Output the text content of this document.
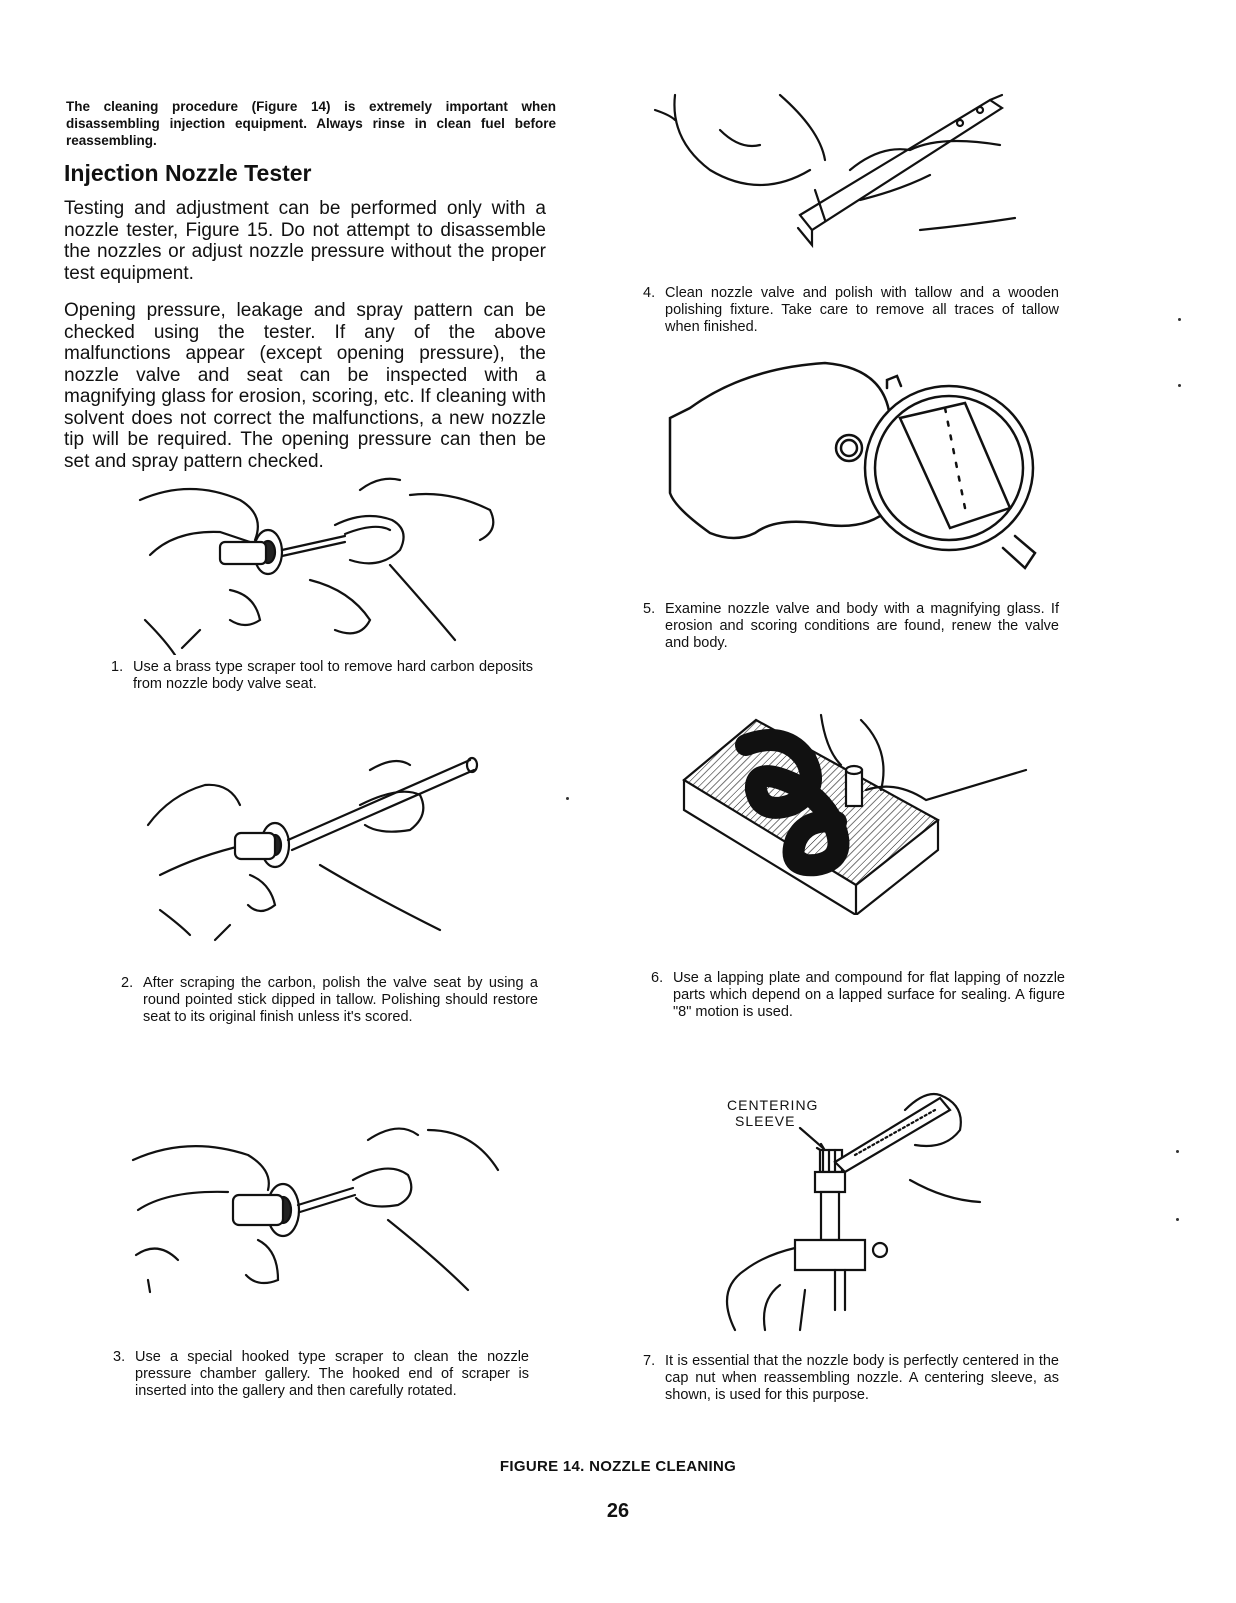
The cleaning procedure (Figure 14) is extremely important when disassembling injection equipment. Always rinse in clean fuel before reassembling.
Injection Nozzle Tester

Testing and adjustment can be performed only with a nozzle tester, Figure 15. Do not attempt to disassemble the nozzles or adjust nozzle pressure without the proper test equipment.

Opening pressure, leakage and spray pattern can be checked using the tester. If any of the above malfunctions appear (except opening pressure), the nozzle valve and seat can be inspected with a magnifying glass for erosion, scoring, etc. If cleaning with solvent does not correct the malfunctions, a new nozzle tip will be required. The opening pressure can then be set and spray pattern checked.

1. Use a brass type scraper tool to remove hard carbon deposits from nozzle body valve seat.
2. After scraping the carbon, polish the valve seat by using a round pointed stick dipped in tallow. Polishing should restore seat to its original finish unless it's scored.
3. Use a special hooked type scraper to clean the nozzle pressure chamber gallery. The hooked end of scraper is inserted into the gallery and then carefully rotated.
4. Clean nozzle valve and polish with tallow and a wooden polishing fixture. Take care to remove all traces of tallow when finished.
5. Examine nozzle valve and body with a magnifying glass. If erosion and scoring conditions are found, renew the valve and body.
6. Use a lapping plate and compound for flat lapping of nozzle parts which depend on a lapped surface for sealing. A figure "8" motion is used.
CENTERING
SLEEVE
7. It is essential that the nozzle body is perfectly centered in the cap nut when reassembling nozzle. A centering sleeve, as shown, is used for this purpose.
FIGURE 14. NOZZLE CLEANING
26
